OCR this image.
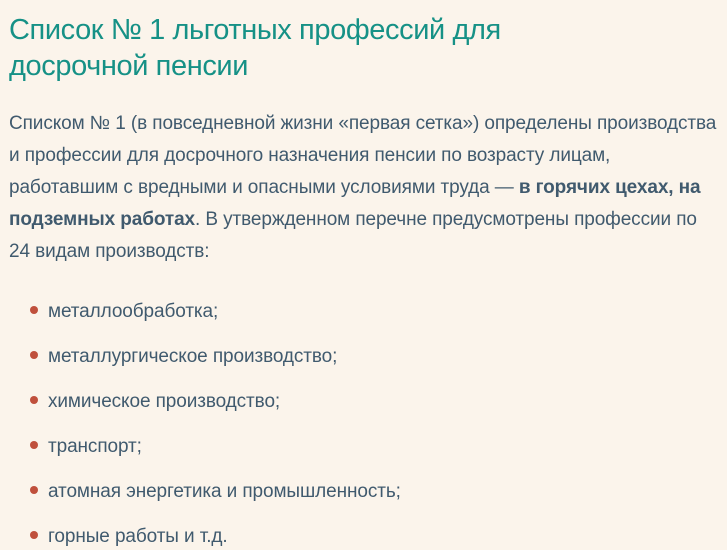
Список № 1 льготных профессий для досрочной пенсии

Списком № 1 (в повседневной жизни «первая сетка») определены производства и профессии для досрочного назначения пенсии по возрасту лицам, работавшим с вредными и опасными условиями труда — в горячих цехах, на подземных работах. В утвержденном перечне предусмотрены профессии по 24 видам производств:

металлообработка;
металлургическое производство;
химическое производство;
транспорт;
атомная энергетика и промышленность;
горные работы и т.д.
